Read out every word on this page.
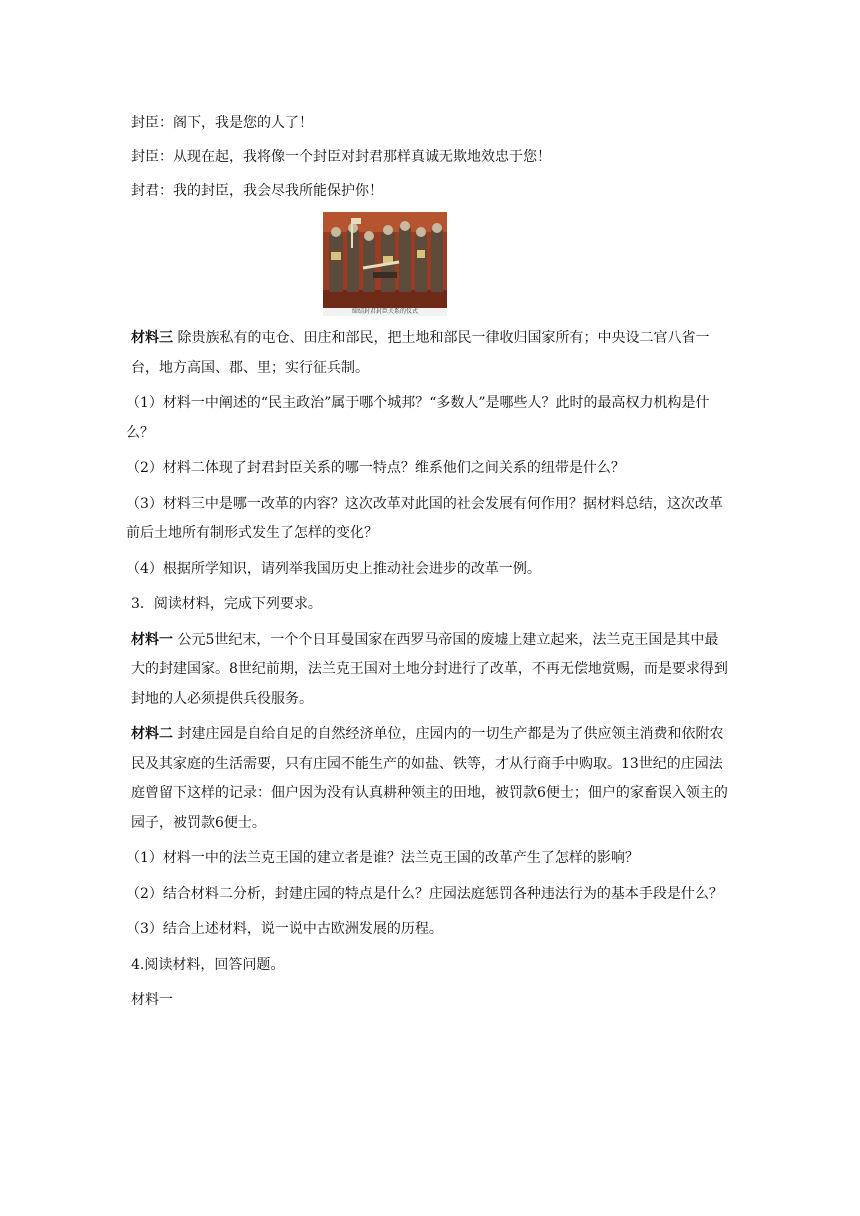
封臣：阁下，我是您的人了！

封臣：从现在起，我将像一个封臣对封君那样真诚无欺地效忠于您！

封君：我的封臣，我会尽我所能保护你！

缔结封君封臣关系的仪式

材料三 除贵族私有的屯仓、田庄和部民，把土地和部民一律收归国家所有；中央设二官八省一台，地方高国、郡、里；实行征兵制。

（1）材料一中阐述的“民主政治”属于哪个城邦？“多数人”是哪些人？此时的最高权力机构是什么？

（2）材料二体现了封君封臣关系的哪一特点？维系他们之间关系的纽带是什么？

（3）材料三中是哪一改革的内容？这次改革对此国的社会发展有何作用？据材料总结，这次改革前后土地所有制形式发生了怎样的变化？

（4）根据所学知识，请列举我国历史上推动社会进步的改革一例。

3．阅读材料，完成下列要求。

材料一 公元5世纪末，一个个日耳曼国家在西罗马帝国的废墟上建立起来，法兰克王国是其中最大的封建国家。8世纪前期，法兰克王国对土地分封进行了改革，不再无偿地赏赐，而是要求得到封地的人必须提供兵役服务。

材料二 封建庄园是自给自足的自然经济单位，庄园内的一切生产都是为了供应领主消费和依附农民及其家庭的生活需要，只有庄园不能生产的如盐、铁等，才从行商手中购取。13世纪的庄园法庭曾留下这样的记录：佃户因为没有认真耕种领主的田地，被罚款6便士；佃户的家畜误入领主的园子，被罚款6便士。

（1）材料一中的法兰克王国的建立者是谁？法兰克王国的改革产生了怎样的影响？

（2）结合材料二分析，封建庄园的特点是什么？庄园法庭惩罚各种违法行为的基本手段是什么？

（3）结合上述材料，说一说中古欧洲发展的历程。

4.阅读材料，回答问题。

材料一
